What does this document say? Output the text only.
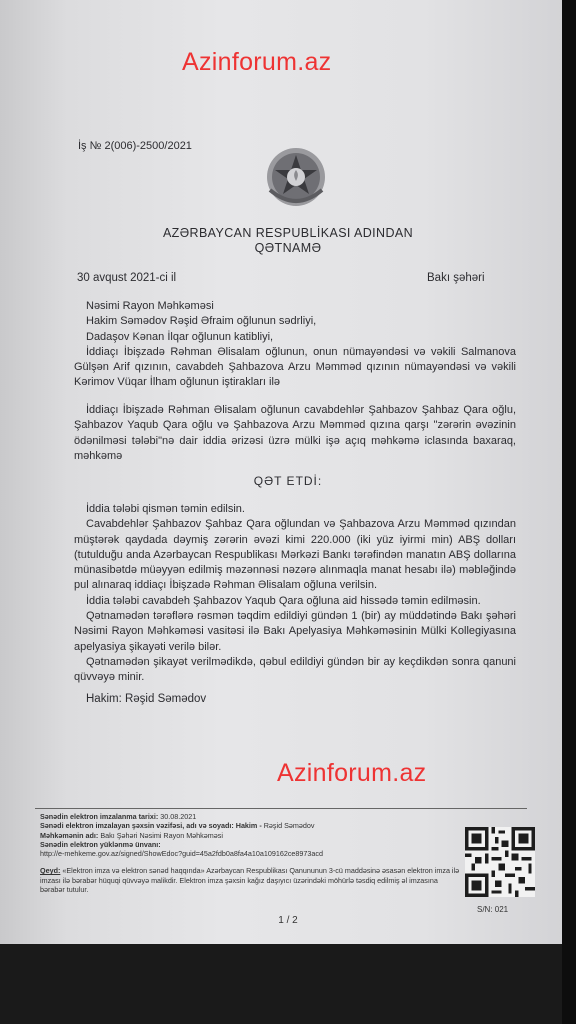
Azinforum.az
İş № 2(006)-2500/2021
AZƏRBAYCAN RESPUBLİKASI ADINDAN
QƏTNAMƏ
30 avqust 2021-ci il	Bakı şəhəri

Nəsimi Rayon Məhkəməsi

Hakim Səmədov Rəşid Əfraim oğlunun sədrliyi,

Dadaşov Kənan İlqar oğlunun katibliyi,

İddiaçı İbişzadə Rəhman Əlisalam oğlunun, onun nümayəndəsi və vəkili Salmanova Gülşən Arif qızının, cavabdeh Şahbazova Arzu Məmməd qızının nümayəndəsi və vəkili Kərimov Vüqar İlham oğlunun iştirakları ilə

İddiaçı İbişzadə Rəhman Əlisalam oğlunun cavabdehlər Şahbazov Şahbaz Qara oğlu, Şahbazov Yaqub Qara oğlu və Şahbazova Arzu Məmməd qızına qarşı "zərərin əvəzinin ödənilməsi tələbi"nə dair iddia ərizəsi üzrə mülki işə açıq məhkəmə iclasında baxaraq, məhkəmə

QƏT ETDİ:

İddia tələbi qismən təmin edilsin.

Cavabdehlər Şahbazov Şahbaz Qara oğlundan və Şahbazova Arzu Məmməd qızından müştərək qaydada dəymiş zərərin əvəzi kimi 220.000 (iki yüz iyirmi min) ABŞ dolları (tutulduğu anda Azərbaycan Respublikası Mərkəzi Bankı tərəfindən manatın ABŞ dollarına münasibətdə müəyyən edilmiş məzənnəsi nəzərə alınmaqla manat hesabı ilə) məbləğində pul alınaraq iddiaçı İbişzadə Rəhman Əlisalam oğluna verilsin.

İddia tələbi cavabdeh Şahbazov Yaqub Qara oğluna aid hissədə təmin edilməsin.

Qətnamədən tərəflərə rəsmən təqdim edildiyi gündən 1 (bir) ay müddətində Bakı şəhəri Nəsimi Rayon Məhkəməsi vasitəsi ilə Bakı Apelyasiya Məhkəməsinin Mülki Kollegiyasına apelyasiya şikayəti verilə bilər.

Qətnamədən şikayət verilmədikdə, qəbul edildiyi gündən bir ay keçdikdən sonra qanuni qüvvəyə minir.

Hakim: Rəşid Səmədov
Azinforum.az
Sənədin elektron imzalanma tarixi: 30.08.2021
Sənədi elektron imzalayan şəxsin vəzifəsi, adı və soyadı: Hakim - Rəşid Səmədov
Məhkəmənin adı: Bakı Şəhəri Nəsimi Rayon Məhkəməsi
Sənədin elektron yüklənmə ünvanı:
http://e-mehkeme.gov.az/signed/ShowEdoc?guid=45a2fdb0a8fa4a10a109162ce8973acd
Qeyd: «Elektron imza və elektron sənəd haqqında» Azərbaycan Respublikası Qanununun 3-cü maddəsinə əsasən elektron imza ilə imzası ilə bərabər hüquqi qüvvəyə malikdir. Elektron imza şəxsin kağız daşıyıcı üzərindəki möhürlə təsdiq edilmiş əl imzasına bərabər tutulur.
S/N: 021
1 / 2
